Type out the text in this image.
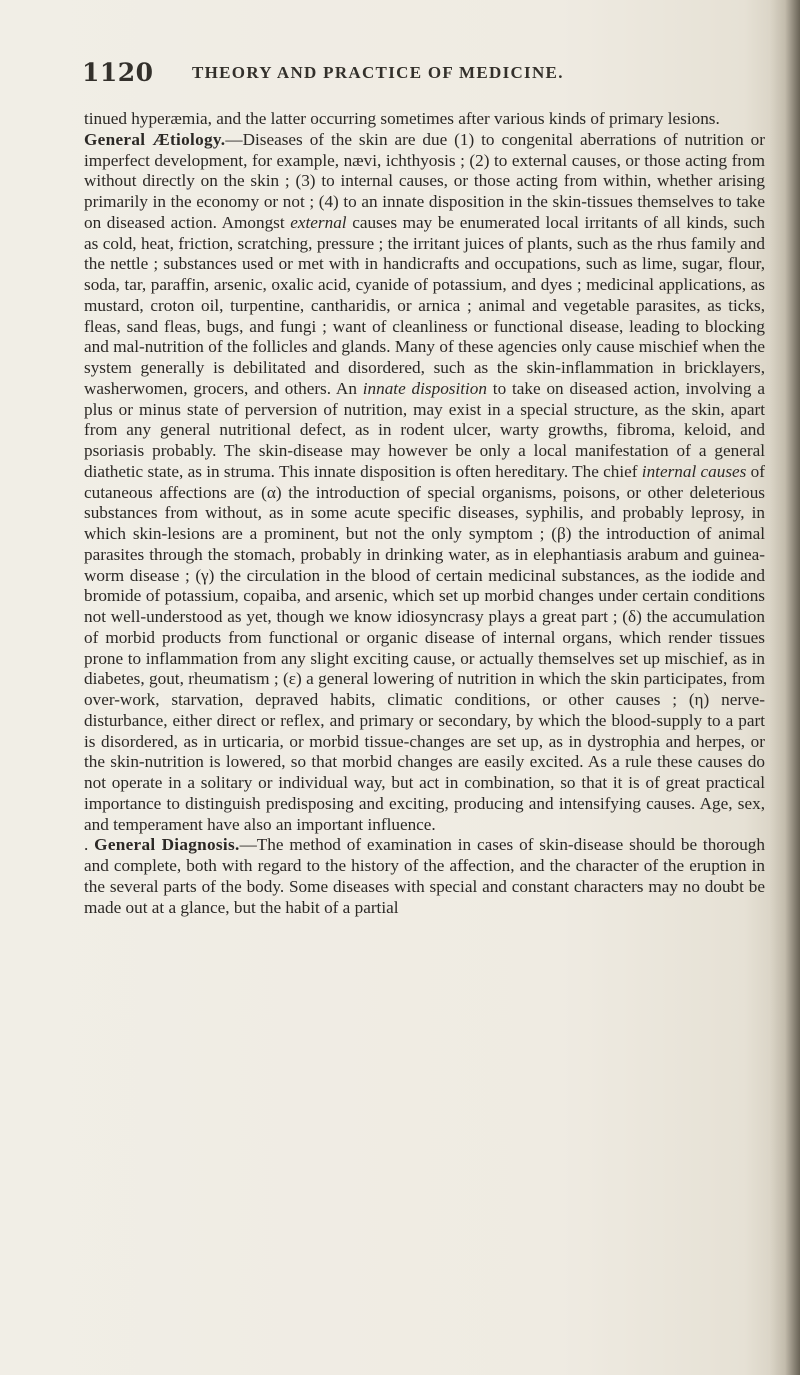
1120 THEORY AND PRACTICE OF MEDICINE.

tinued hyperæmia, and the latter occurring sometimes after various kinds of primary lesions.

General Ætiology.—Diseases of the skin are due (1) to congenital aberrations of nutrition or imperfect development, for example, nævi, ichthyosis ; (2) to external causes, or those acting from without directly on the skin ; (3) to internal causes, or those acting from within, whether arising primarily in the economy or not ; (4) to an innate disposition in the skin-tissues themselves to take on diseased action. Amongst external causes may be enumerated local irritants of all kinds, such as cold, heat, friction, scratching, pressure ; the irritant juices of plants, such as the rhus family and the nettle ; substances used or met with in handicrafts and occupations, such as lime, sugar, flour, soda, tar, paraffin, arsenic, oxalic acid, cyanide of potassium, and dyes ; medicinal applications, as mustard, croton oil, turpentine, cantharidis, or arnica ; animal and vegetable parasites, as ticks, fleas, sand fleas, bugs, and fungi ; want of cleanliness or functional disease, leading to blocking and mal-nutrition of the follicles and glands. Many of these agencies only cause mischief when the system generally is debilitated and disordered, such as the skin-inflammation in bricklayers, washerwomen, grocers, and others. An innate disposition to take on diseased action, involving a plus or minus state of perversion of nutrition, may exist in a special structure, as the skin, apart from any general nutritional defect, as in rodent ulcer, warty growths, fibroma, keloid, and psoriasis probably. The skin-disease may however be only a local manifestation of a general diathetic state, as in struma. This innate disposition is often hereditary. The chief internal causes of cutaneous affections are (α) the introduction of special organisms, poisons, or other deleterious substances from without, as in some acute specific diseases, syphilis, and probably leprosy, in which skin-lesions are a prominent, but not the only symptom ; (β) the introduction of animal parasites through the stomach, probably in drinking water, as in elephantiasis arabum and guinea-worm disease ; (γ) the circulation in the blood of certain medicinal substances, as the iodide and bromide of potassium, copaiba, and arsenic, which set up morbid changes under certain conditions not well-understood as yet, though we know idiosyncrasy plays a great part ; (δ) the accumulation of morbid products from functional or organic disease of internal organs, which render tissues prone to inflammation from any slight exciting cause, or actually themselves set up mischief, as in diabetes, gout, rheumatism ; (ε) a general lowering of nutrition in which the skin participates, from over-work, starvation, depraved habits, climatic conditions, or other causes ; (η) nerve-disturbance, either direct or reflex, and primary or secondary, by which the blood-supply to a part is disordered, as in urticaria, or morbid tissue-changes are set up, as in dystrophia and herpes, or the skin-nutrition is lowered, so that morbid changes are easily excited. As a rule these causes do not operate in a solitary or individual way, but act in combination, so that it is of great practical importance to distinguish predisposing and exciting, producing and intensifying causes. Age, sex, and temperament have also an important influence.

. General Diagnosis.—The method of examination in cases of skin-disease should be thorough and complete, both with regard to the history of the affection, and the character of the eruption in the several parts of the body. Some diseases with special and constant characters may no doubt be made out at a glance, but the habit of a partial
